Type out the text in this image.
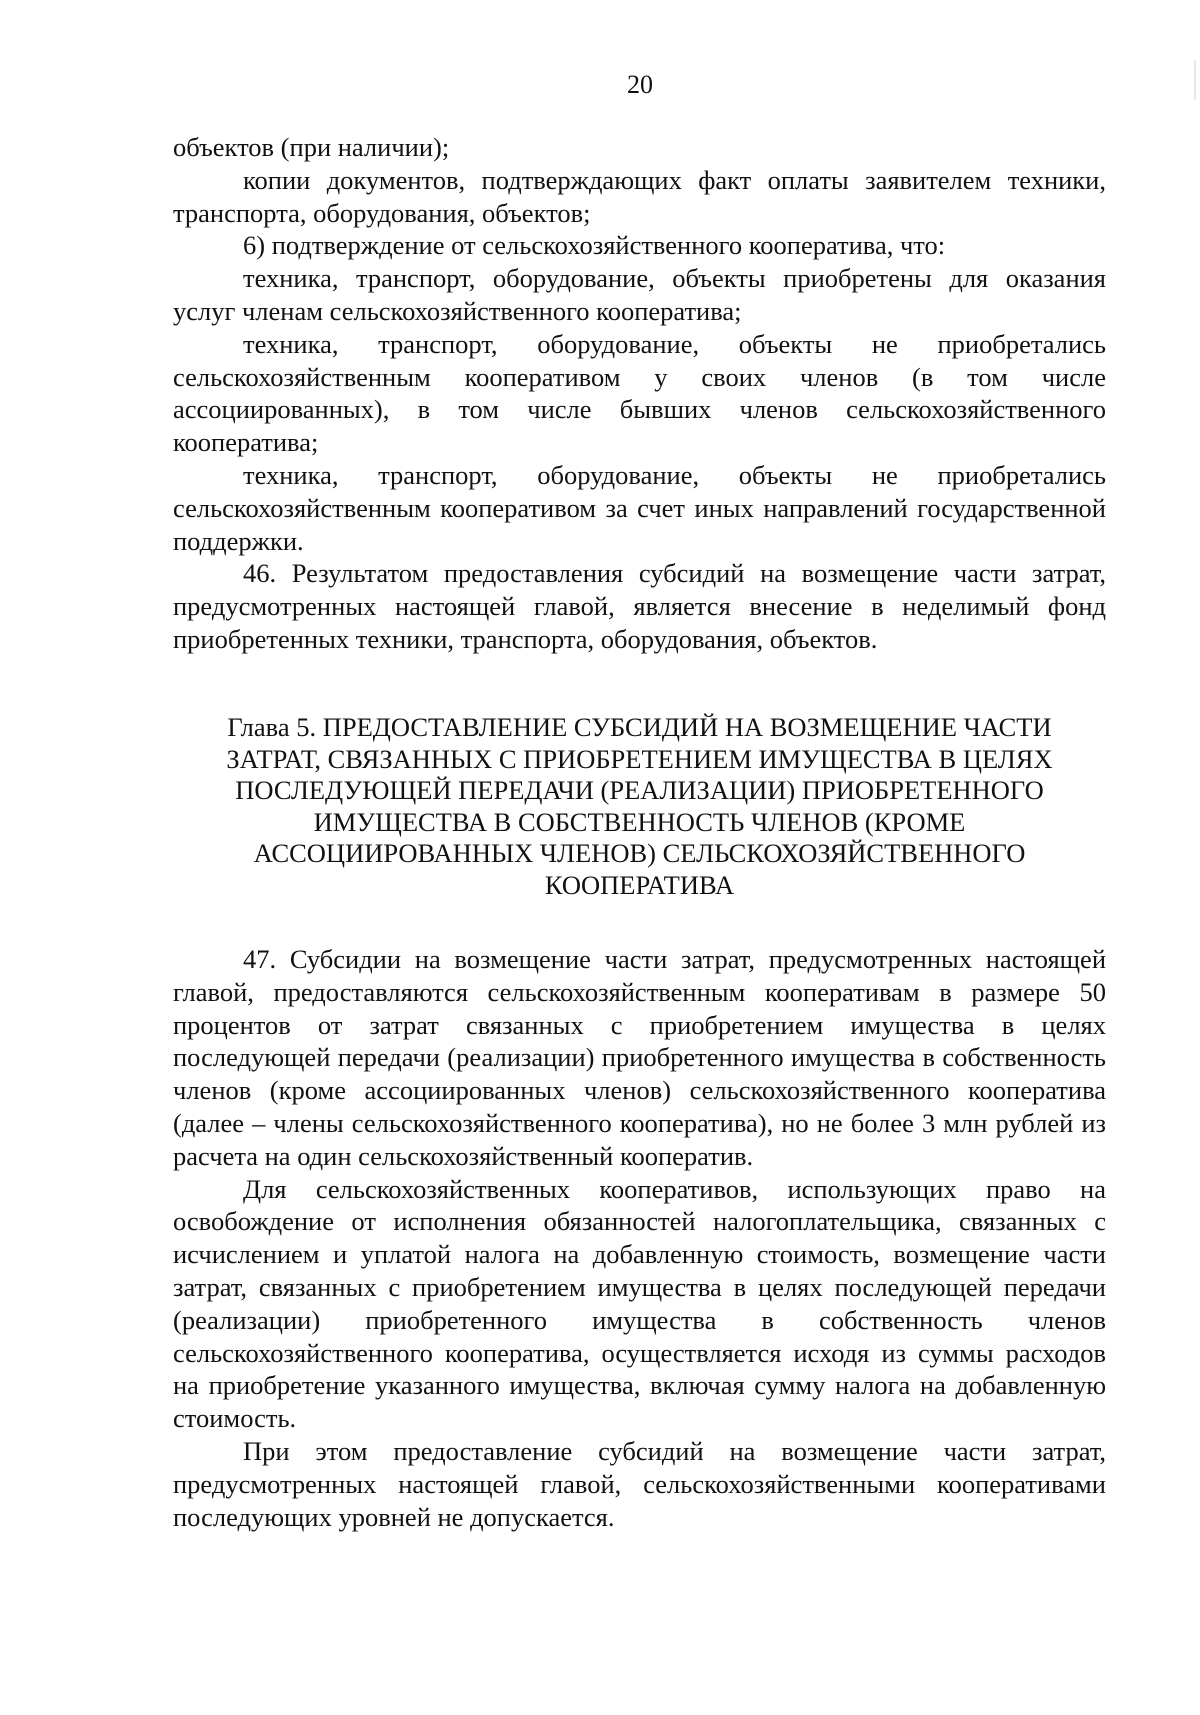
20

объектов (при наличии);

копии документов, подтверждающих факт оплаты заявителем техники, транспорта, оборудования, объектов;

6) подтверждение от сельскохозяйственного кооператива, что:

техника, транспорт, оборудование, объекты приобретены для оказания услуг членам сельскохозяйственного кооператива;

техника, транспорт, оборудование, объекты не приобретались сельскохозяйственным кооперативом у своих членов (в том числе ассоциированных), в том числе бывших членов сельскохозяйственного кооператива;

техника, транспорт, оборудование, объекты не приобретались сельскохозяйственным кооперативом за счет иных направлений государственной поддержки.

46. Результатом предоставления субсидий на возмещение части затрат, предусмотренных настоящей главой, является внесение в неделимый фонд приобретенных техники, транспорта, оборудования, объектов.

Глава 5. ПРЕДОСТАВЛЕНИЕ СУБСИДИЙ НА ВОЗМЕЩЕНИЕ ЧАСТИ
ЗАТРАТ, СВЯЗАННЫХ С ПРИОБРЕТЕНИЕМ ИМУЩЕСТВА В ЦЕЛЯХ
ПОСЛЕДУЮЩЕЙ ПЕРЕДАЧИ (РЕАЛИЗАЦИИ) ПРИОБРЕТЕННОГО
ИМУЩЕСТВА В СОБСТВЕННОСТЬ ЧЛЕНОВ (КРОМЕ
АССОЦИИРОВАННЫХ ЧЛЕНОВ) СЕЛЬСКОХОЗЯЙСТВЕННОГО
КООПЕРАТИВА

47. Субсидии на возмещение части затрат, предусмотренных настоящей главой, предоставляются сельскохозяйственным кооперативам в размере 50 процентов от затрат связанных с приобретением имущества в целях последующей передачи (реализации) приобретенного имущества в собственность членов (кроме ассоциированных членов) сельскохозяйственного кооператива (далее – члены сельскохозяйственного кооператива), но не более 3 млн рублей из расчета на один сельскохозяйственный кооператив.

Для сельскохозяйственных кооперативов, использующих право на освобождение от исполнения обязанностей налогоплательщика, связанных с исчислением и уплатой налога на добавленную стоимость, возмещение части затрат, связанных с приобретением имущества в целях последующей передачи (реализации) приобретенного имущества в собственность членов сельскохозяйственного кооператива, осуществляется исходя из суммы расходов на приобретение указанного имущества, включая сумму налога на добавленную стоимость.

При этом предоставление субсидий на возмещение части затрат, предусмотренных настоящей главой, сельскохозяйственными кооперативами последующих уровней не допускается.
